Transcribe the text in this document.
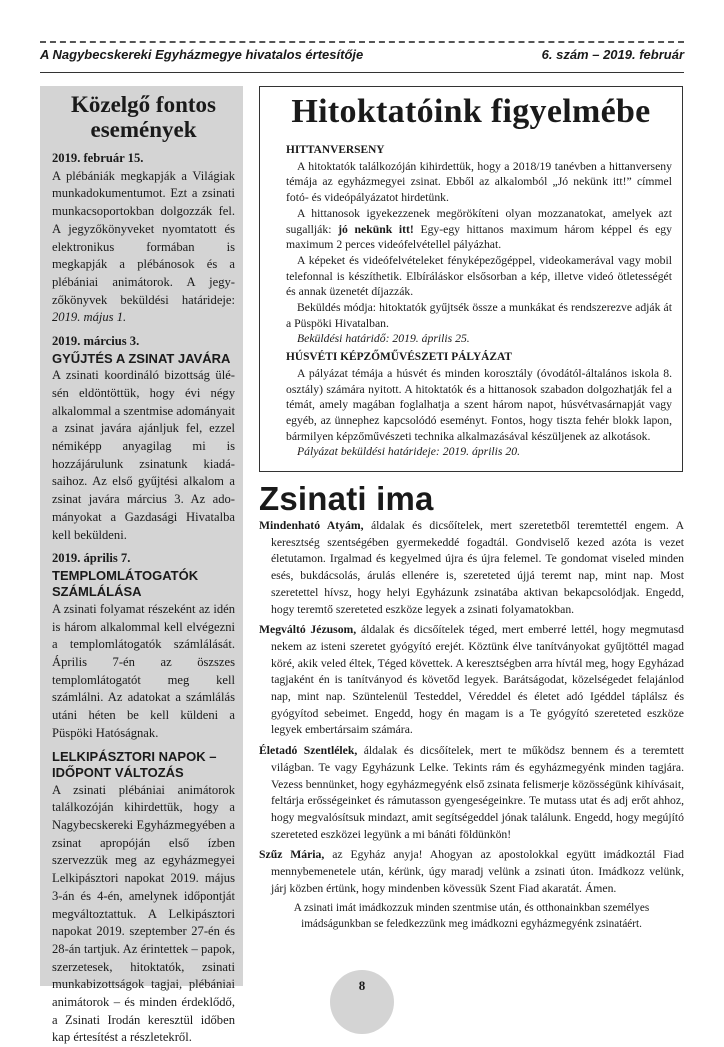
A Nagybecskereki Egyházmegye hivatalos értesítője	6. szám – 2019. február
Közelgő fontos események

2019. február 15.

A plébániák megkapják a Világiak munkadokumentumot. Ezt a zsinati munkacsoportokban dolgozzák fel. A jegyzőkönyveket nyomtatott és elektronikus formában is megkapják a plébánosok és a plébániai animátorok. A jegyzőkönyvek beküldési határideje: 2019. május 1.

2019. március 3.

GYŰJTÉS A ZSINAT JAVÁRA

A zsinati koordináló bizottság ülésén eldöntöttük, hogy évi négy alkalommal a szentmise adományait a zsinat javára ajánljuk fel, ezzel némiképp anyagilag mi is hozzájárulunk zsinatunk kiadásaihoz. Az első gyűjtési alkalom a zsinat javára március 3. Az adományokat a Gazdasági Hivatalba kell beküldeni.

2019. április 7.

TEMPLOMLÁTOGATÓK SZÁMLÁLÁSA

A zsinati folyamat részeként az idén is három alkalommal kell elvégezni a templomlátogatók számlálását. Április 7-én az öszszes templomlátogatót meg kell számlálni. Az adatokat a számlálás utáni héten be kell küldeni a Püspöki Hatóságnak.

LELKIPÁSZTORI NAPOK – IDŐPONT VÁLTOZÁS

A zsinati plébániai animátorok találkozóján kihirdettük, hogy a Nagybecskereki Egyházmegyében a zsinat apropóján első ízben szervezzük meg az egyházmegyei Lelkipásztori napokat 2019. május 3-án és 4-én, amelynek időpontját megváltoztattuk. A Lelkipásztori napokat 2019. szeptember 27-én és 28-án tartjuk. Az érintettek – papok, szerzetesek, hitoktatók, zsinati munkabizottságok tagjai, plébániai animátorok – és minden érdeklődő, a Zsinati Irodán keresztül időben kap értesítést a részletekről.

Hitoktatóink figyelmébe

HITTANVERSENY

A hitoktatók találkozóján kihirdettük, hogy a 2018/19 tanévben a hittanverseny témája az egyházmegyei zsinat. Ebből az alkalomból „Jó nekünk itt!” címmel fotó- és videópályázatot hirdetünk.

A hittanosok igyekezzenek megörökíteni olyan mozzanatokat, amelyek azt sugallják: jó nekünk itt! Egy-egy hittanos maximum három képpel és egy maximum 2 perces videófelvétellel pályázhat.

A képeket és videófelvételeket fényképezőgéppel, videokamerával vagy mobil telefonnal is készíthetik. Elbíráláskor elsősorban a kép, illetve videó ötletességét és annak üzenetét díjazzák.

Beküldés módja: hitoktatók gyűjtsék össze a munkákat és rendszerezve adják át a Püspöki Hivatalban.

Beküldési határidő: 2019. április 25.

HÚSVÉTI KÉPZŐMŰVÉSZETI PÁLYÁZAT

A pályázat témája a húsvét és minden korosztály (óvodától-általános iskola 8. osztály) számára nyitott. A hitoktatók és a hittanosok szabadon dolgozhatják fel a témát, amely magában foglalhatja a szent három napot, húsvétvasárnapját vagy egyéb, az ünnephez kapcsolódó eseményt. Fontos, hogy tiszta fehér blokk lapon, bármilyen képzőművészeti technika alkalmazásával készüljenek az alkotások.

Pályázat beküldési határideje: 2019. április 20.

Zsinati ima

Mindenható Atyám, áldalak és dicsőítelek, mert szeretetből teremtettél engem. A keresztség szentségében gyermekeddé fogadtál. Gondviselő kezed azóta is vezet életutamon. Irgalmad és kegyelmed újra és újra felemel. Te gondomat viseled minden esés, bukdácsolás, árulás ellenére is, szereteted újjá teremt nap, mint nap. Most szeretettel hívsz, hogy helyi Egyházunk zsinatába aktivan bekapcsolódjak. Engedd, hogy teremtő szereteted eszköze legyek a zsinati folyamatokban.

Megváltó Jézusom, áldalak és dicsőítelek téged, mert emberré lettél, hogy megmutasd nekem az isteni szeretet gyógyító erejét. Köztünk élve tanítványokat gyűjtöttél magad köré, akik veled éltek, Téged követtek. A keresztségben arra hívtál meg, hogy Egyházad tagjaként én is tanítványod és követőd legyek. Barátságodat, közelségedet felajánlod nap, mint nap. Szüntelenül Testeddel, Véreddel és életet adó Igéddel táplálsz és gyógyítod sebeimet. Engedd, hogy én magam is a Te gyógyító szereteted eszköze legyek embertársaim számára.

Életadó Szentlélek, áldalak és dicsőítelek, mert te működsz bennem és a teremtett világban. Te vagy Egyházunk Lelke. Tekints rám és egyházmegyénk minden tagjára. Vezess bennünket, hogy egyházmegyénk első zsinata felismerje közösségünk kihívásait, feltárja erősségeinket és rámutasson gyengeségeinkre. Te mutass utat és adj erőt ahhoz, hogy megvalósítsuk mindazt, amit segítségeddel jónak találunk. Engedd, hogy megújító szereteted eszközei legyünk a mi bánáti földünkön!

Szűz Mária, az Egyház anyja! Ahogyan az apostolokkal együtt imádkoztál Fiad mennybemenetele után, kérünk, úgy maradj velünk a zsinati úton. Imádkozz velünk, járj közben értünk, hogy mindenben kövessük Szent Fiad akaratát. Ámen.

A zsinati imát imádkozzuk minden szentmise után, és otthonainkban személyes imádságunkban se feledkezzünk meg imádkozni egyházmegyénk zsinatáért.

8
